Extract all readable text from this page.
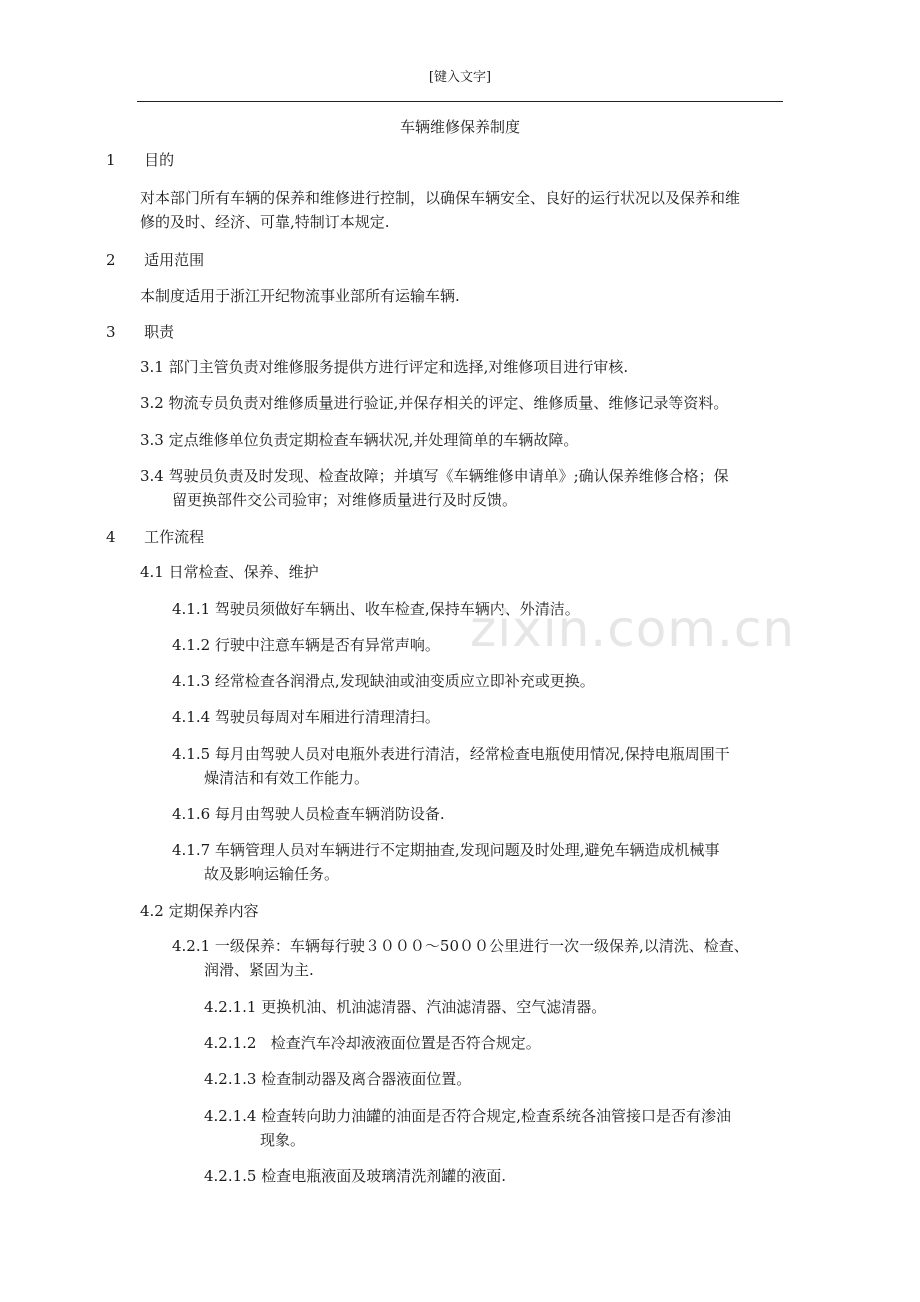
[键入文字]
车辆维修保养制度
1      目的
对本部门所有车辆的保养和维修进行控制，以确保车辆安全、良好的运行状况以及保养和维
修的及时、经济、可靠,特制订本规定.
2      适用范围
本制度适用于浙江开纪物流事业部所有运输车辆.
3      职责
3.1 部门主管负责对维修服务提供方进行评定和选择,对维修项目进行审核.
3.2 物流专员负责对维修质量进行验证,并保存相关的评定、维修质量、维修记录等资料。
3.3 定点维修单位负责定期检查车辆状况,并处理简单的车辆故障。
3.4 驾驶员负责及时发现、检查故障；并填写《车辆维修申请单》;确认保养维修合格；保
留更换部件交公司验审；对维修质量进行及时反馈。
4      工作流程
4.1 日常检查、保养、维护
4.1.1 驾驶员须做好车辆出、收车检查,保持车辆内、外清洁。
4.1.2 行驶中注意车辆是否有异常声响。
4.1.3 经常检查各润滑点,发现缺油或油变质应立即补充或更换。
4.1.4 驾驶员每周对车厢进行清理清扫。
4.1.5 每月由驾驶人员对电瓶外表进行清洁，经常检查电瓶使用情况,保持电瓶周围干
燥清洁和有效工作能力。
4.1.6 每月由驾驶人员检查车辆消防设备.
4.1.7 车辆管理人员对车辆进行不定期抽查,发现问题及时处理,避免车辆造成机械事
故及影响运输任务。
4.2 定期保养内容
4.2.1 一级保养：车辆每行驶３０００～50００公里进行一次一级保养,以清洗、检查、
润滑、紧固为主.
4.2.1.1 更换机油、机油滤清器、汽油滤清器、空气滤清器。
4.2.1.2   检查汽车冷却液液面位置是否符合规定。
4.2.1.3 检查制动器及离合器液面位置。
4.2.1.4 检查转向助力油罐的油面是否符合规定,检查系统各油管接口是否有渗油
现象。
4.2.1.5 检查电瓶液面及玻璃清洗剂罐的液面.
zixin.com.cn
